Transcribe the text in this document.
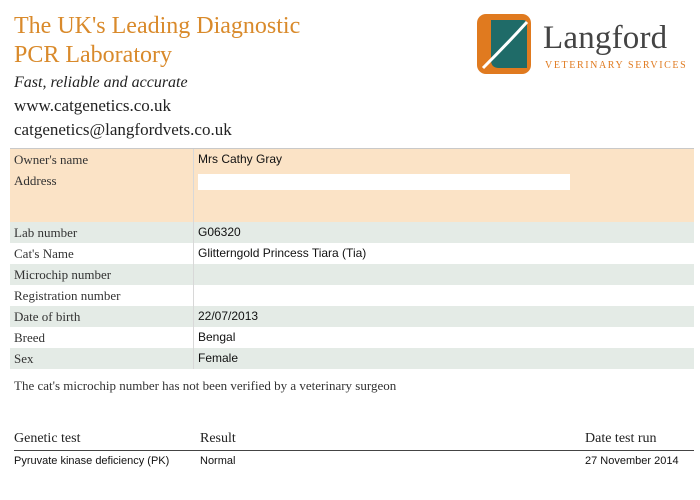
The UK's Leading Diagnostic
PCR Laboratory
Fast, reliable and accurate
www.catgenetics.co.uk
catgenetics@langfordvets.co.uk
Langford
VETERINARY SERVICES
Owner's name	Mrs Cathy Gray
Address
Lab number	G06320
Cat's Name	Glitterngold Princess Tiara (Tia)
Microchip number
Registration number
Date of birth	22/07/2013
Breed	Bengal
Sex	Female
The cat's microchip number has not been verified by a veterinary surgeon
Genetic test	Result	Date test run
Pyruvate kinase deficiency (PK)	Normal	27 November 2014
